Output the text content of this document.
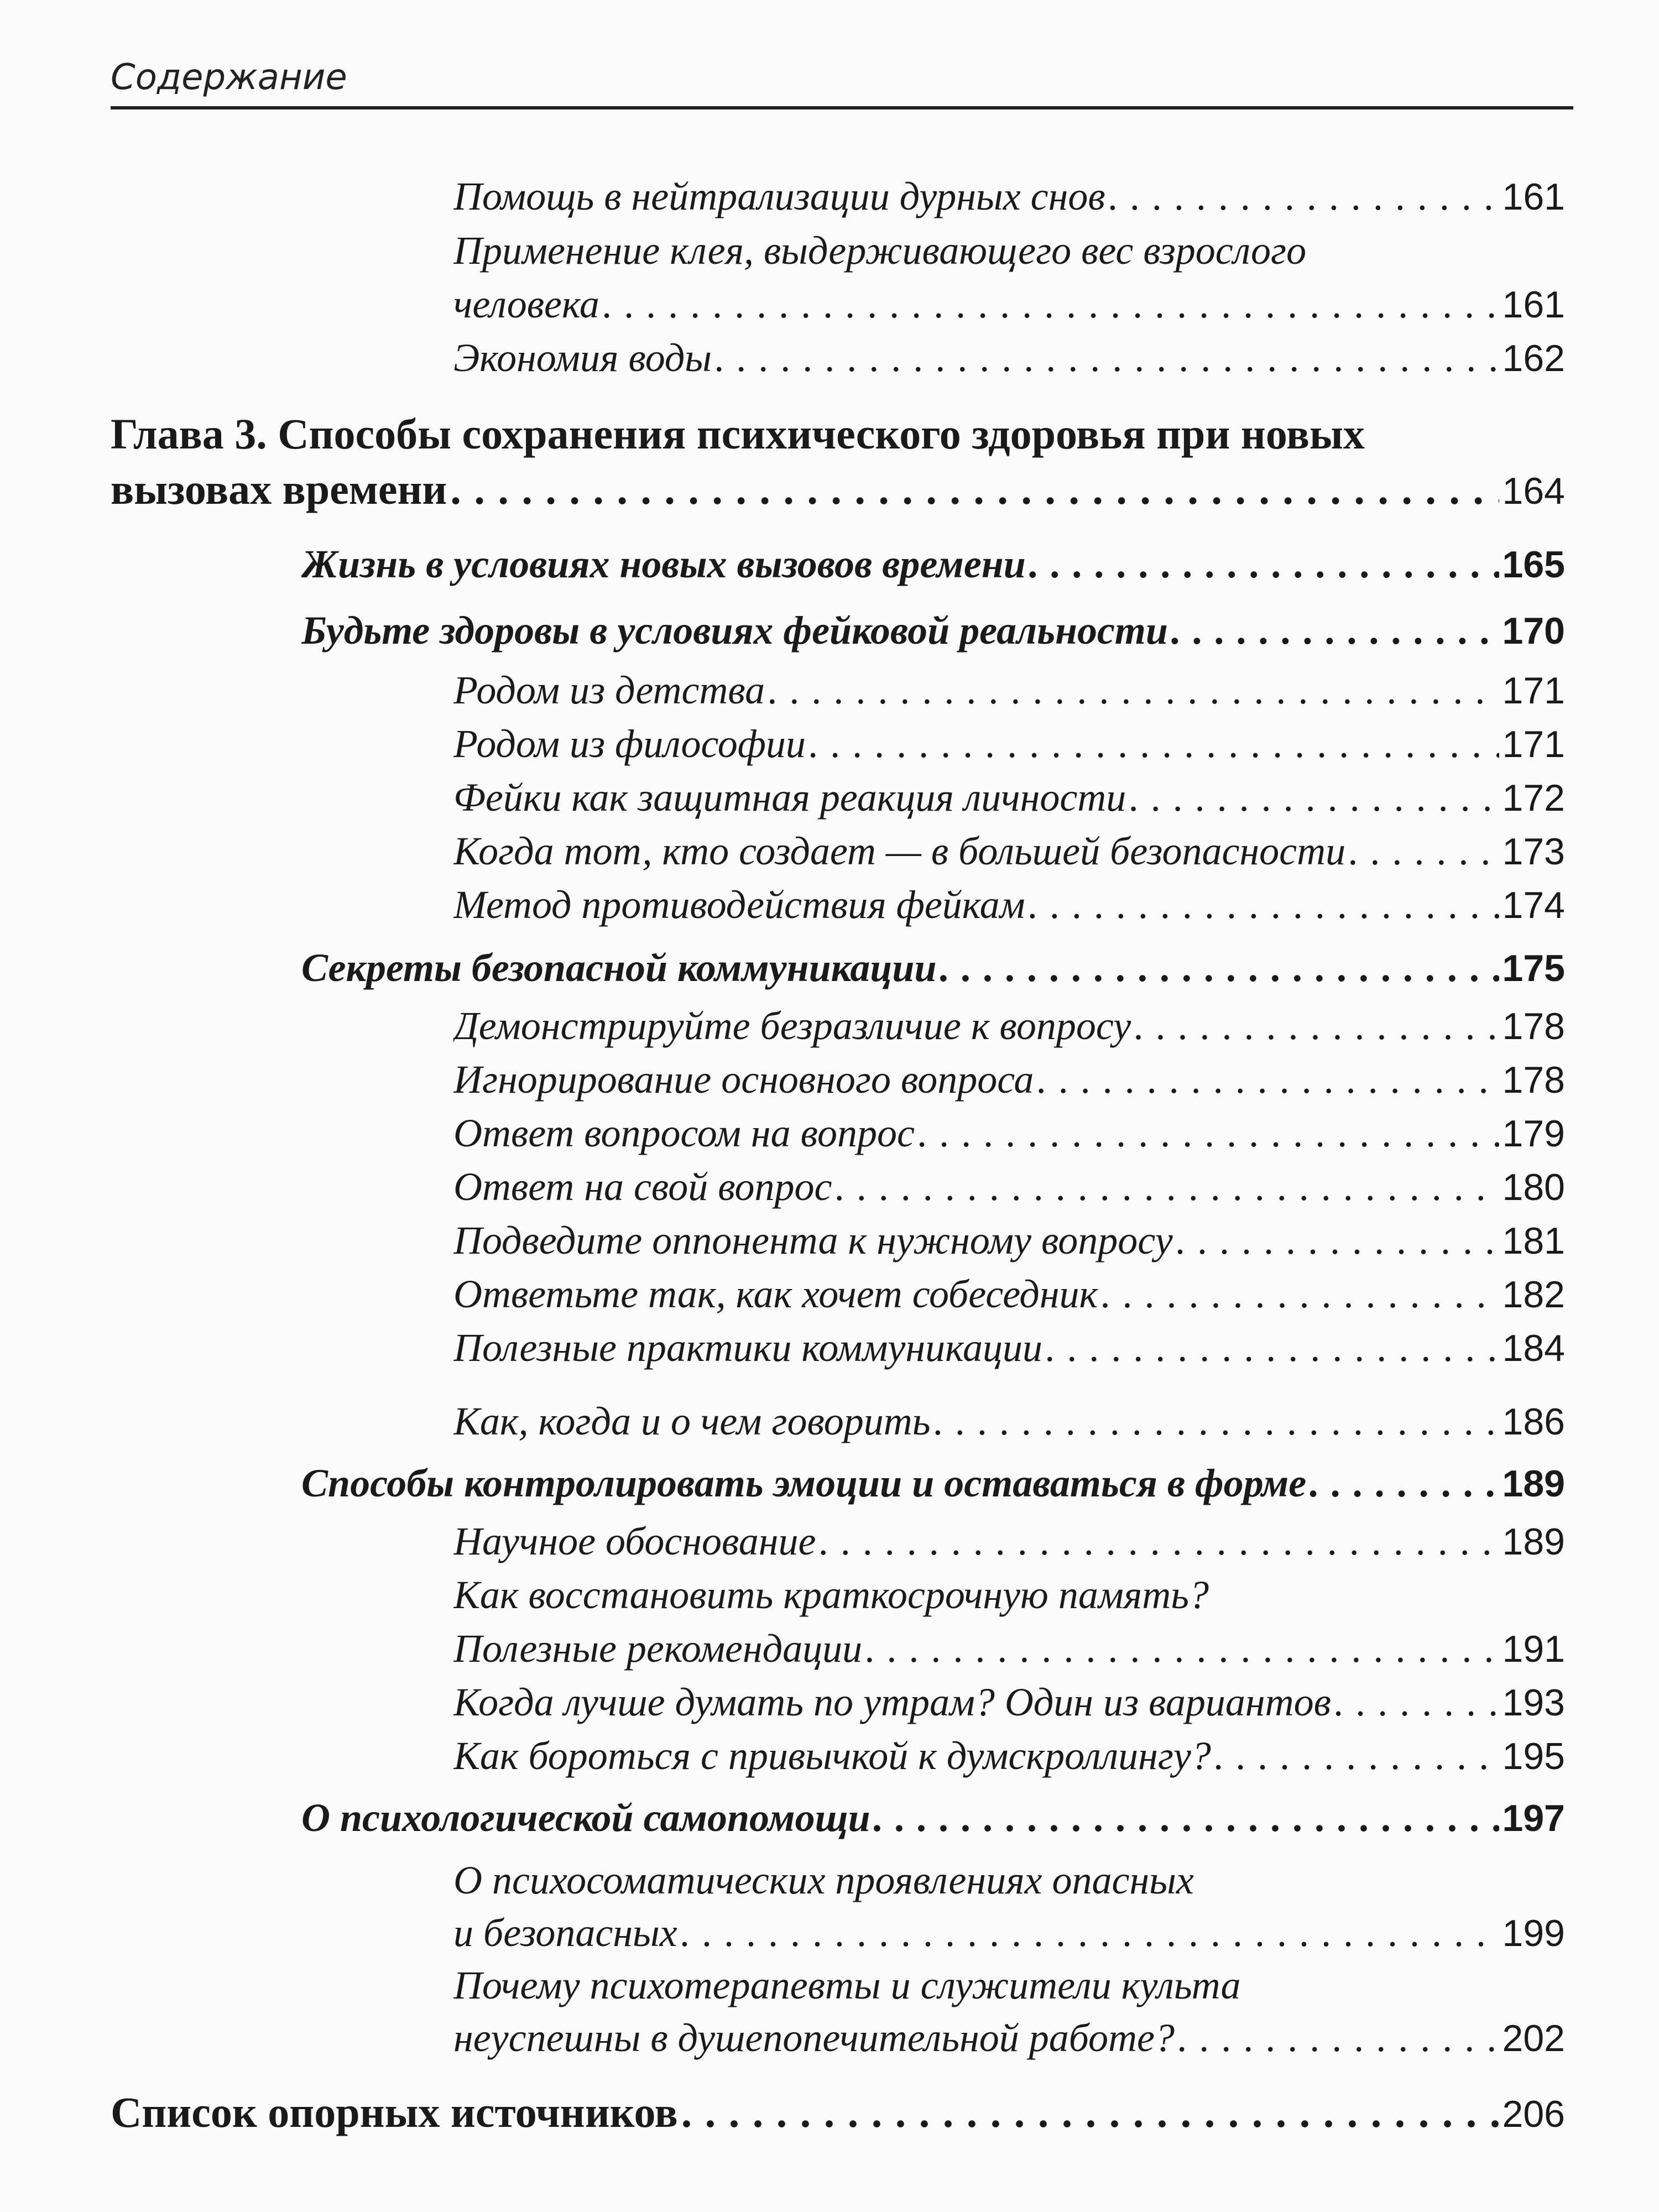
Содержание
Помощь в нейтрализации дурных снов . . .	161
Применение клея, выдерживающего вес взрослого
человека . . .	161
Экономия воды . . .	162
Глава 3. Способы сохранения психического здоровья при новых
вызовах времени . . .	164
Жизнь в условиях новых вызовов времени . . .	165
Будьте здоровы в условиях фейковой реальности . . .	170
Родом из детства . . .	171
Родом из философии . . .	171
Фейки как защитная реакция личности . . .	172
Когда тот, кто создает — в большей безопасности . . .	173
Метод противодействия фейкам . . .	174
Секреты безопасной коммуникации . . .	175
Демонстрируйте безразличие к вопросу . . .	178
Игнорирование основного вопроса . . .	178
Ответ вопросом на вопрос . . .	179
Ответ на свой вопрос . . .	180
Подведите оппонента к нужному вопросу . . .	181
Ответьте так, как хочет собеседник . . .	182
Полезные практики коммуникации . . .	184
Как, когда и о чем говорить . . .	186
Способы контролировать эмоции и оставаться в форме . . .	189
Научное обоснование . . .	189
Как восстановить краткосрочную память?
Полезные рекомендации . . .	191
Когда лучше думать по утрам? Один из вариантов . . .	193
Как бороться с привычкой к думскроллингу? . . .	195
О психологической самопомощи . . .	197
О психосоматических проявлениях опасных
и безопасных . . .	199
Почему психотерапевты и служители культа
неуспешны в душепопечительной работе? . . .	202
Список опорных источников . . .	206
